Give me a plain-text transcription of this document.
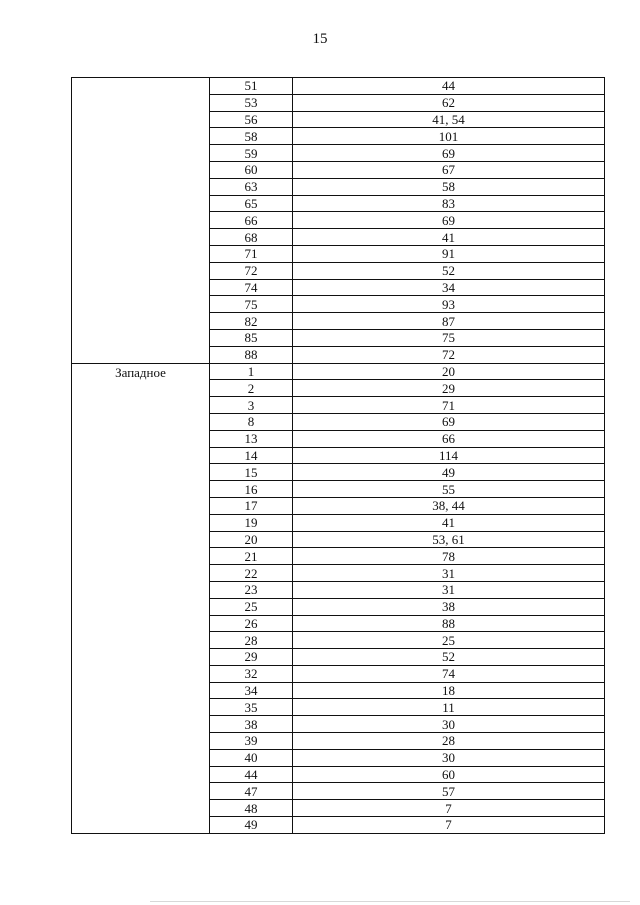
15
	51	44
	53	62
	56	41, 54
	58	101
	59	69
	60	67
	63	58
	65	83
	66	69
	68	41
	71	91
	72	52
	74	34
	75	93
	82	87
	85	75
	88	72
Западное	1	20
	2	29
	3	71
	8	69
	13	66
	14	114
	15	49
	16	55
	17	38, 44
	19	41
	20	53, 61
	21	78
	22	31
	23	31
	25	38
	26	88
	28	25
	29	52
	32	74
	34	18
	35	11
	38	30
	39	28
	40	30
	44	60
	47	57
	48	7
	49	7
